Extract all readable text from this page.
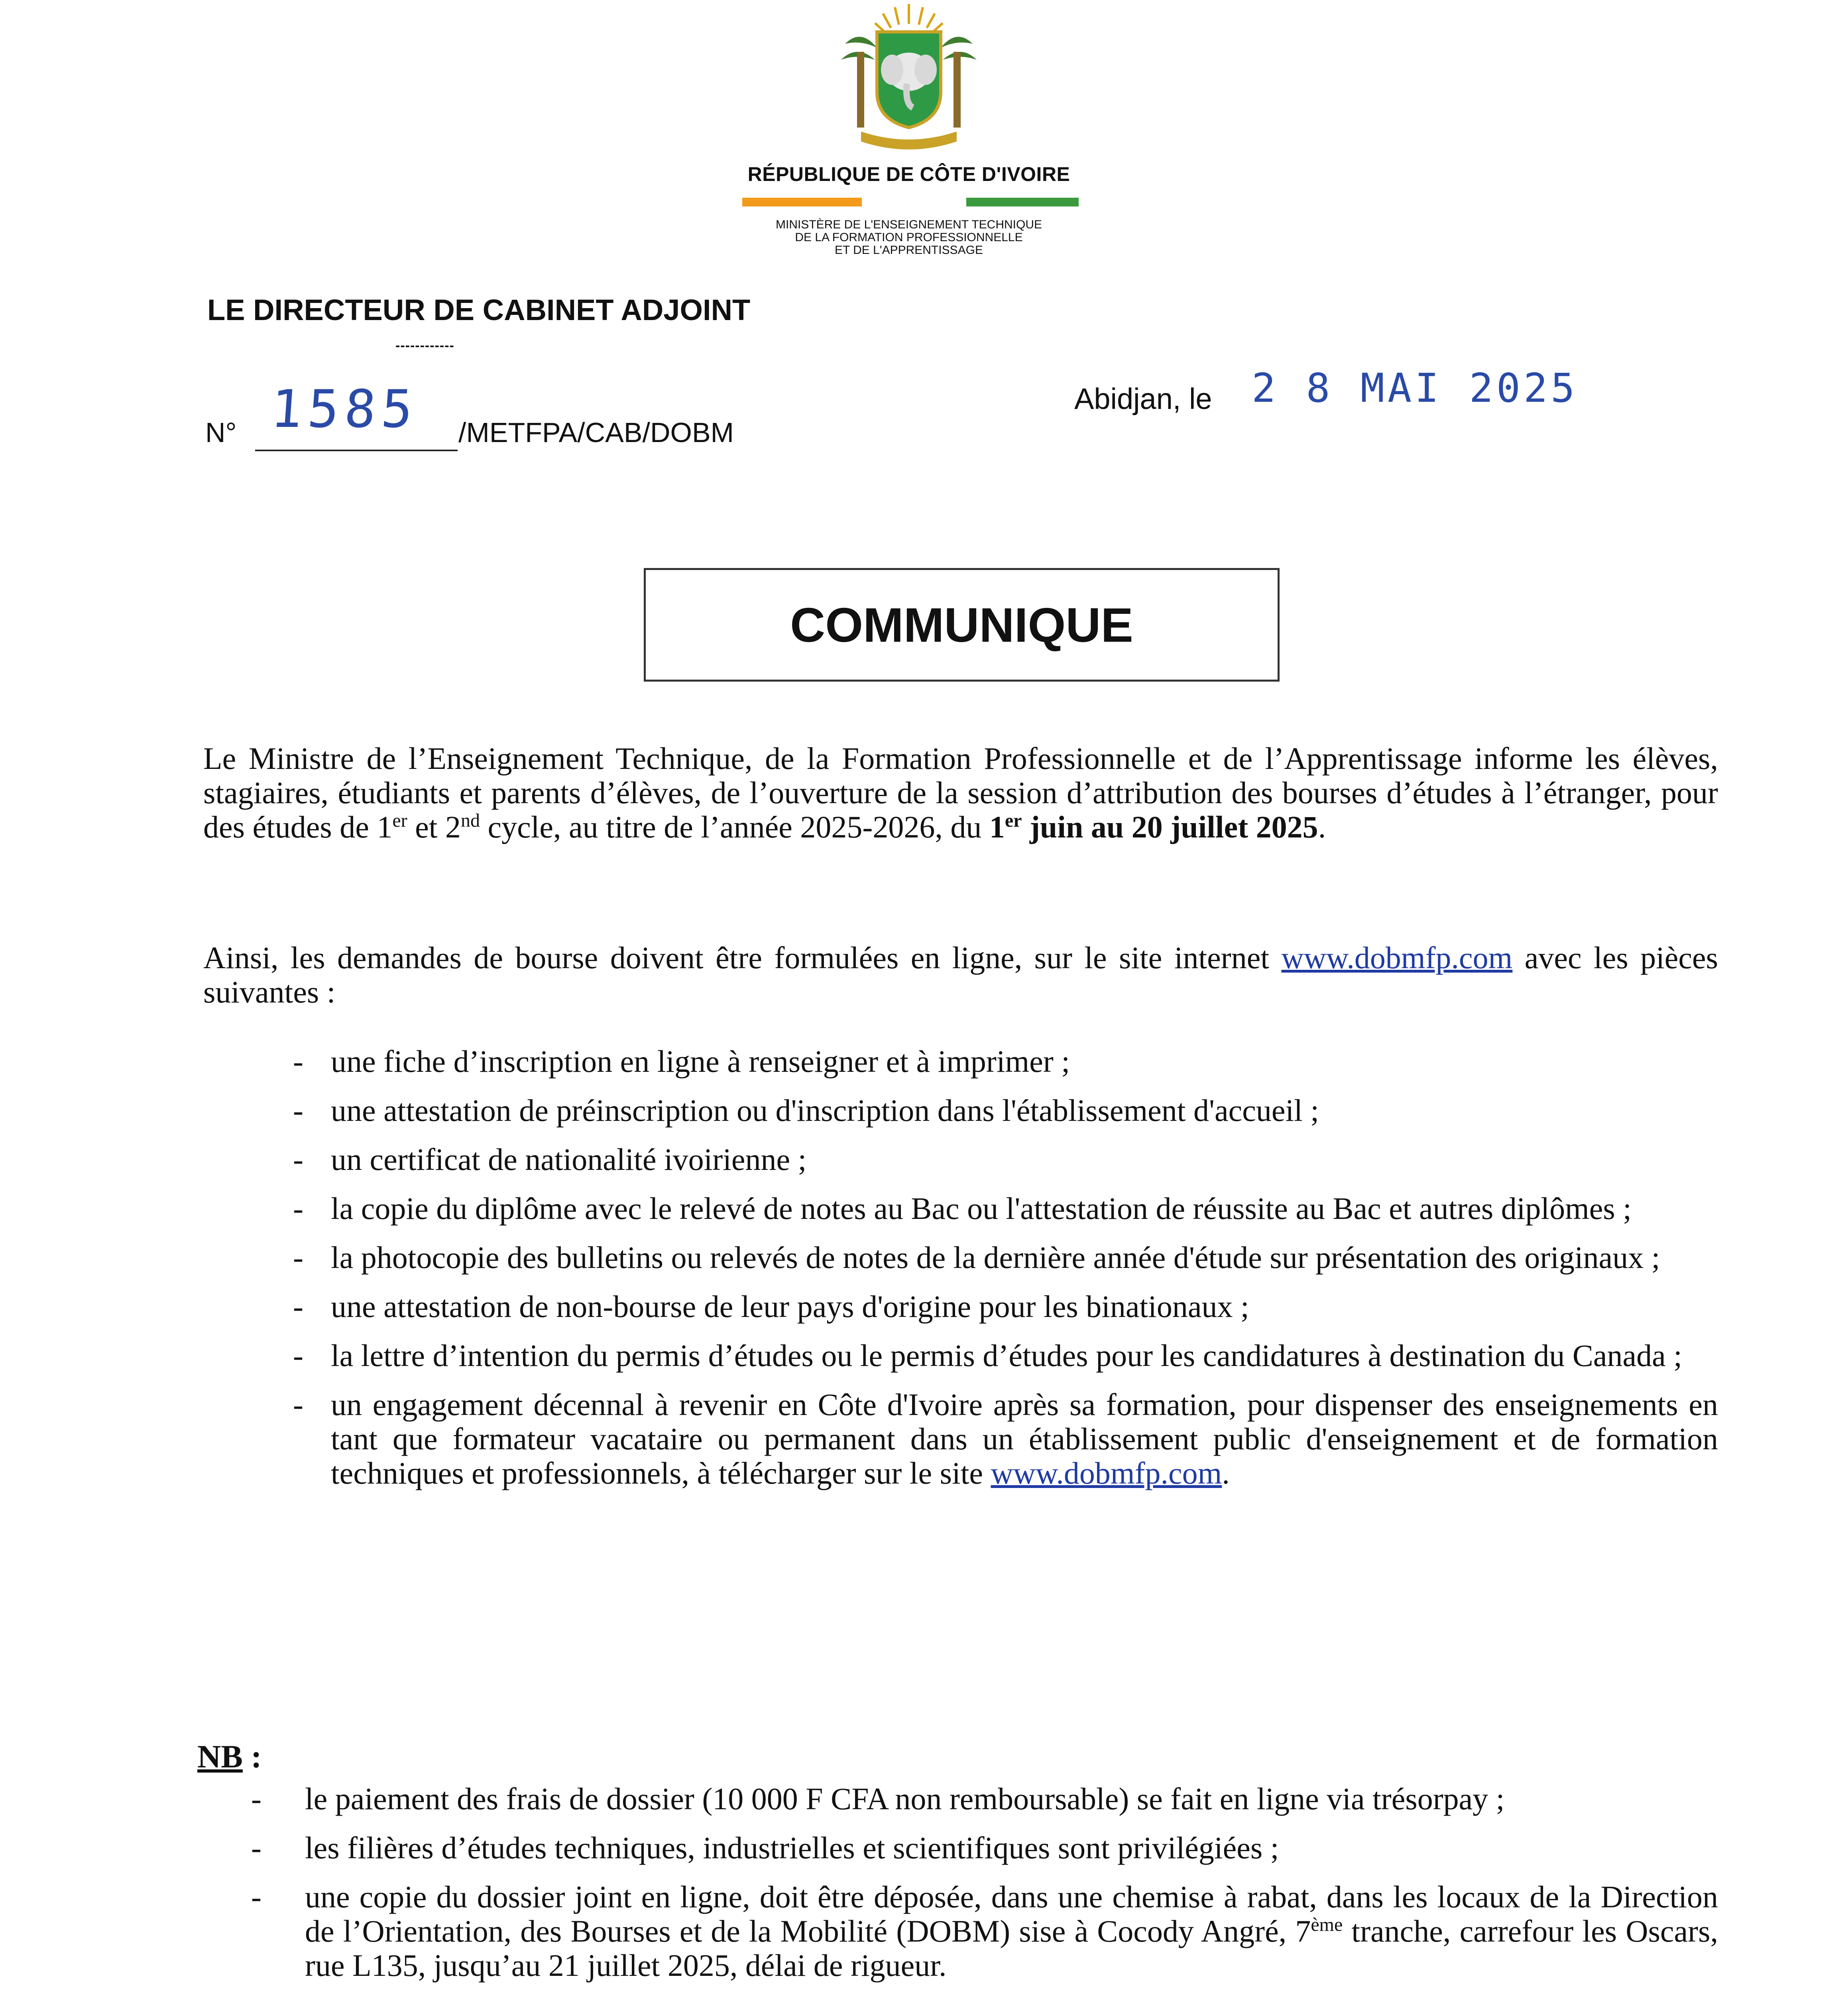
RÉPUBLIQUE DE CÔTE D'IVOIRE
MINISTÈRE DE L'ENSEIGNEMENT TECHNIQUE
DE LA FORMATION PROFESSIONNELLE
ET DE L'APPRENTISSAGE
LE DIRECTEUR DE CABINET ADJOINT
------------
N° 1585 /METFPA/CAB/DOBM
Abidjan, le 2 8 MAI 2025
COMMUNIQUE
Le Ministre de l’Enseignement Technique, de la Formation Professionnelle et de l’Apprentissage informe les élèves, stagiaires, étudiants et parents d’élèves, de l’ouverture de la session d’attribution des bourses d’études à l’étranger, pour des études de 1er et 2nd cycle, au titre de l’année 2025-2026, du 1er juin au 20 juillet 2025.
Ainsi, les demandes de bourse doivent être formulées en ligne, sur le site internet www.dobmfp.com avec les pièces suivantes :
- une fiche d’inscription en ligne à renseigner et à imprimer ;
- une attestation de préinscription ou d'inscription dans l'établissement d'accueil ;
- un certificat de nationalité ivoirienne ;
- la copie du diplôme avec le relevé de notes au Bac ou l'attestation de réussite au Bac et autres diplômes ;
- la photocopie des bulletins ou relevés de notes de la dernière année d'étude sur présentation des originaux ;
- une attestation de non-bourse de leur pays d'origine pour les binationaux ;
- la lettre d’intention du permis d’études ou le permis d’études pour les candidatures à destination du Canada ;
- un engagement décennal à revenir en Côte d'Ivoire après sa formation, pour dispenser des enseignements en tant que formateur vacataire ou permanent dans un établissement public d'enseignement et de formation techniques et professionnels, à télécharger sur le site www.dobmfp.com.
NB :
- le paiement des frais de dossier (10 000 F CFA non remboursable) se fait en ligne via trésorpay ;
- les filières d’études techniques, industrielles et scientifiques sont privilégiées ;
- une copie du dossier joint en ligne, doit être déposée, dans une chemise à rabat, dans les locaux de la Direction de l’Orientation, des Bourses et de la Mobilité (DOBM) sise à Cocody Angré, 7ème tranche, carrefour les Oscars, rue L135, jusqu’au 21 juillet 2025, délai de rigueur.
